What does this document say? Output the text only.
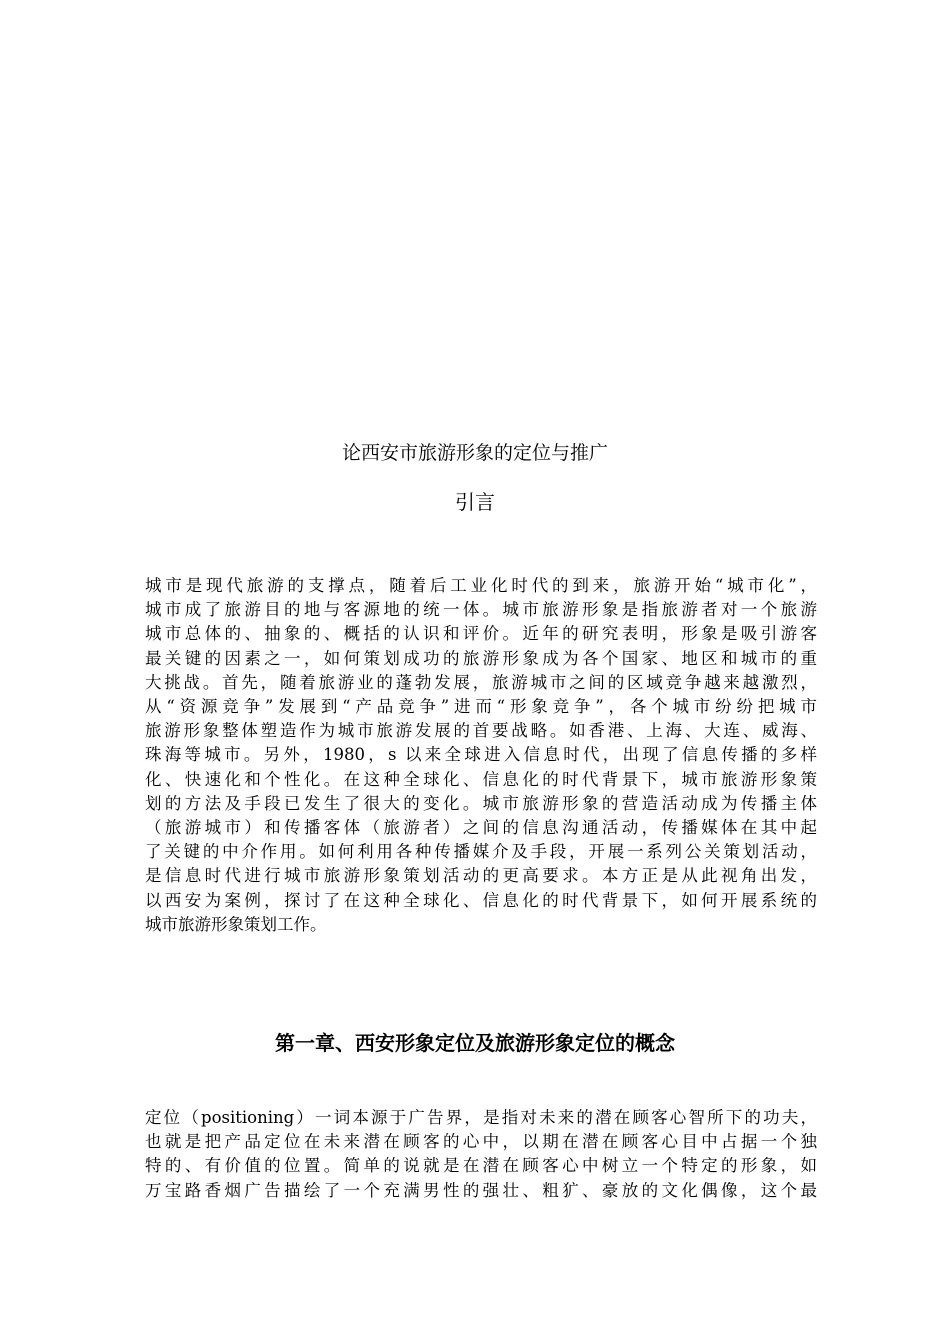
论西安市旅游形象的定位与推广
引言

城市是现代旅游的支撑点，随着后工业化时代的到来，旅游开始“城市化”，
城市成了旅游目的地与客源地的统一体。城市旅游形象是指旅游者对一个旅游
城市总体的、抽象的、概括的认识和评价。近年的研究表明，形象是吸引游客
最关键的因素之一，如何策划成功的旅游形象成为各个国家、地区和城市的重
大挑战。首先，随着旅游业的蓬勃发展，旅游城市之间的区域竞争越来越激烈，
从“资源竞争”发展到“产品竞争”进而“形象竞争”，各个城市纷纷把城市
旅游形象整体塑造作为城市旅游发展的首要战略。如香港、上海、大连、威海、
珠海等城市。另外，1980，s 以来全球进入信息时代，出现了信息传播的多样
化、快速化和个性化。在这种全球化、信息化的时代背景下，城市旅游形象策
划的方法及手段已发生了很大的变化。城市旅游形象的营造活动成为传播主体
（旅游城市）和传播客体（旅游者）之间的信息沟通活动，传播媒体在其中起
了关键的中介作用。如何利用各种传播媒介及手段，开展一系列公关策划活动，
是信息时代进行城市旅游形象策划活动的更高要求。本方正是从此视角出发，
以西安为案例，探讨了在这种全球化、信息化的时代背景下，如何开展系统的
城市旅游形象策划工作。

第一章、西安形象定位及旅游形象定位的概念

定位（positioning）一词本源于广告界，是指对未来的潜在顾客心智所下的功夫，
也就是把产品定位在未来潜在顾客的心中，以期在潜在顾客心目中占据一个独
特的、有价值的位置。简单的说就是在潜在顾客心中树立一个特定的形象，如
万宝路香烟广告描绘了一个充满男性的强壮、粗犷、豪放的文化偶像，这个最
